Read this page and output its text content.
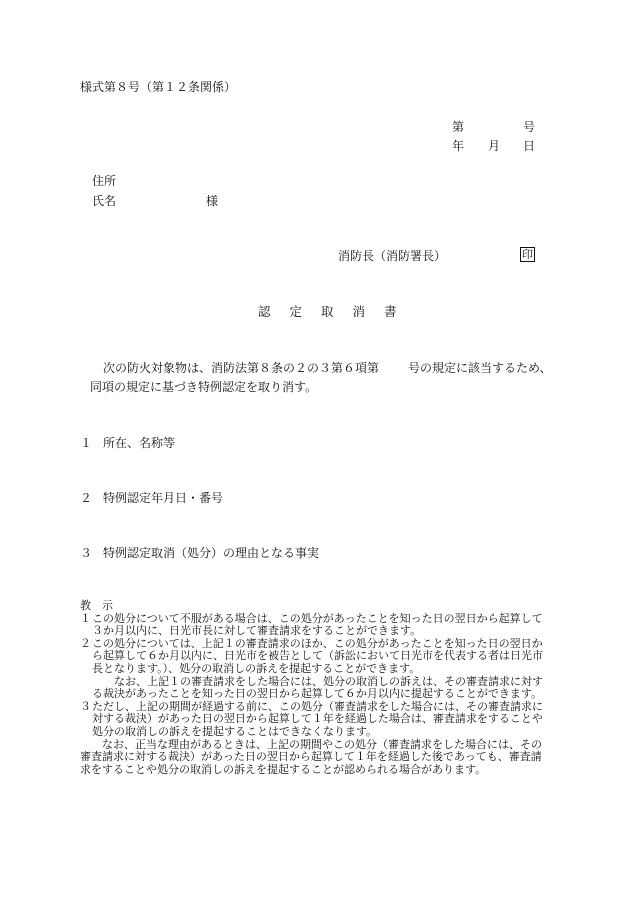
様式第８号（第１２条関係）
第	号
年 月 日
住所
氏名	様
消防長（消防署長）	印
認定取消書
次の防火対象物は、消防法第８条の２の３第６項第 号の規定に該当するため、
同項の規定に基づき特例認定を取り消す。
１ 所在、名称等
２ 特例認定年月日・番号
３ 特例認定取消（処分）の理由となる事実

教　示

１ この処分について不服がある場合は、この処分があったことを知った日の翌日から起算して３か月以内に、日光市長に対して審査請求をすることができます。

２ この処分については、上記１の審査請求のほか、この処分があったことを知った日の翌日から起算して６か月以内に、日光市を被告として（訴訟において日光市を代表する者は日光市長となります。）、処分の取消しの訴えを提起することができます。

なお、上記１の審査請求をした場合には、処分の取消しの訴えは、その審査請求に対する裁決があったことを知った日の翌日から起算して６か月以内に提起することができます。

３ ただし、上記の期間が経過する前に、この処分（審査請求をした場合には、その審査請求に対する裁決）があった日の翌日から起算して１年を経過した場合は、審査請求をすることや処分の取消しの訴えを提起することはできなくなります。

なお、正当な理由があるときは、上記の期間やこの処分（審査請求をした場合には、その審査請求に対する裁決）があった日の翌日から起算して１年を経過した後であっても、審査請求をすることや処分の取消しの訴えを提起することが認められる場合があります。
